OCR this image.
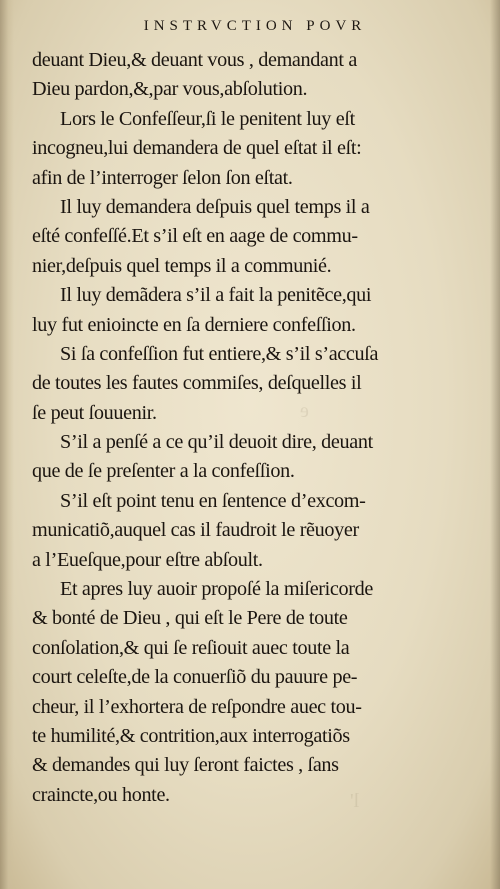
e
l'
INSTRVCTION POVR
deuant Dieu,& deuant vous , demandant a
Dieu pardon,&,par vous,abſolution.
Lors le Confeſſeur,ſi le penitent luy eſt
incogneu,lui demandera de quel eſtat il eſt:
afin de l’interroger ſelon ſon eſtat.
Il luy demandera deſpuis quel temps il a
eſté confeſſé.Et s’il eſt en aage de commu-
nier,deſpuis quel temps il a communié.
Il luy demãdera s’il a fait la penitẽce,qui
luy fut enioincte en ſa derniere confeſſion.
Si ſa confeſſion fut entiere,& s’il s’accuſa
de toutes les fautes commiſes, deſquelles il
ſe peut ſouuenir.
S’il a penſé a ce qu’il deuoit dire, deuant
que de ſe preſenter a la confeſſion.
S’il eſt point tenu en ſentence d’excom-
municatiõ,auquel cas il faudroit le rẽuoyer
a l’Eueſque,pour eſtre abſoult.
Et apres luy auoir propoſé la miſericorde
& bonté de Dieu , qui eſt le Pere de toute
conſolation,& qui ſe reſiouit auec toute la
court celeſte,de la conuerſiõ du pauure pe-
cheur, il l’exhortera de reſpondre auec tou-
te humilité,& contrition,aux interrogatiõs
& demandes qui luy ſeront faictes , ſans
craincte,ou honte.
